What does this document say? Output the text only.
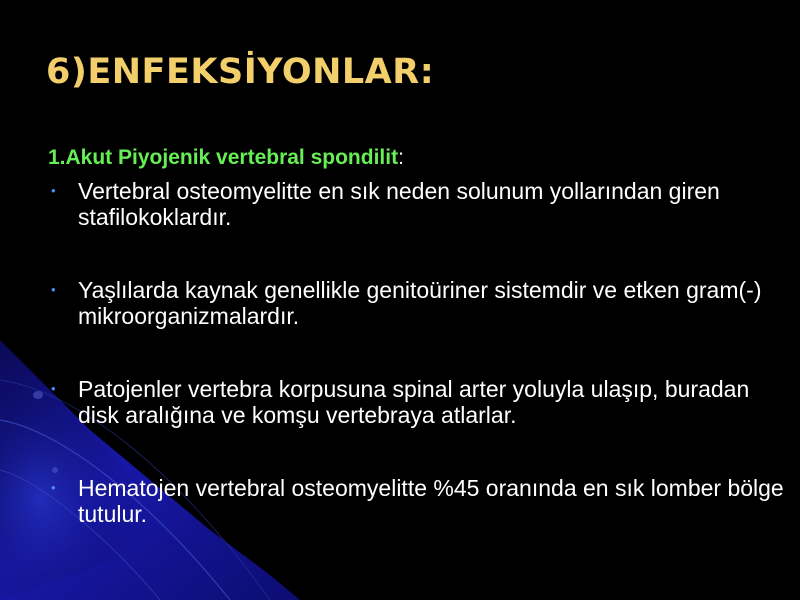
6)ENFEKSİYONLAR:

1.Akut Piyojenik vertebral spondilit:

• Vertebral osteomyelitte en sık neden solunum yollarından giren stafilokoklardır.
• Yaşlılarda kaynak genellikle genitoüriner sistemdir ve etken gram(-) mikroorganizmalardır.
• Patojenler vertebra korpusuna spinal arter yoluyla ulaşıp, buradan disk aralığına ve komşu vertebraya atlarlar.
• Hematojen vertebral osteomyelitte %45 oranında en sık lomber bölge tutulur.
